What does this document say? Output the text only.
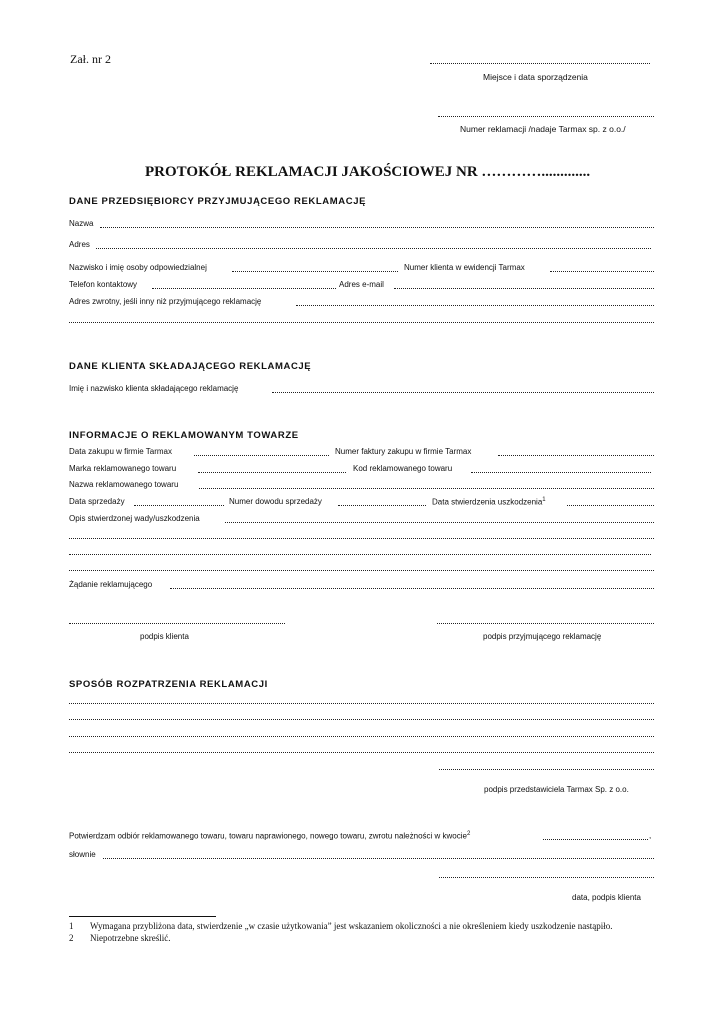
Zał. nr 2
Miejsce i data sporządzenia
Numer reklamacji /nadaje Tarmax sp. z o.o./
PROTOKÓŁ REKLAMACJI JAKOŚCIOWEJ NR ………….............
DANE PRZEDSIĘBIORCY PRZYJMUJĄCEGO REKLAMACJĘ
Nazwa
Adres
Nazwisko i imię osoby odpowiedzialnej	Numer klienta w ewidencji Tarmax
Telefon kontaktowy	Adres e-mail
Adres zwrotny, jeśli inny niż przyjmującego reklamację
DANE KLIENTA SKŁADAJĄCEGO REKLAMACJĘ
Imię i nazwisko klienta składającego reklamację
INFORMACJE O REKLAMOWANYM TOWARZE
Data zakupu w firmie Tarmax	Numer faktury zakupu w firmie Tarmax
Marka reklamowanego towaru	Kod reklamowanego towaru
Nazwa reklamowanego towaru
Data sprzedaży	Numer dowodu sprzedaży	Data stwierdzenia uszkodzenia$^1$
Opis stwierdzonej wady/uszkodzenia
Żądanie reklamującego
podpis klienta	podpis przyjmującego reklamację
SPOSÓB ROZPATRZENIA REKLAMACJI
podpis przedstawiciela Tarmax Sp. z o.o.
Potwierdzam odbiór reklamowanego towaru, towaru naprawionego, nowego towaru, zwrotu należności w kwocie$^2$	,
słownie
data, podpis klienta
1 Wymagana przybliżona data, stwierdzenie „w czasie użytkowania” jest wskazaniem okoliczności a nie określeniem kiedy uszkodzenie nastąpiło.
2 Niepotrzebne skreślić.
